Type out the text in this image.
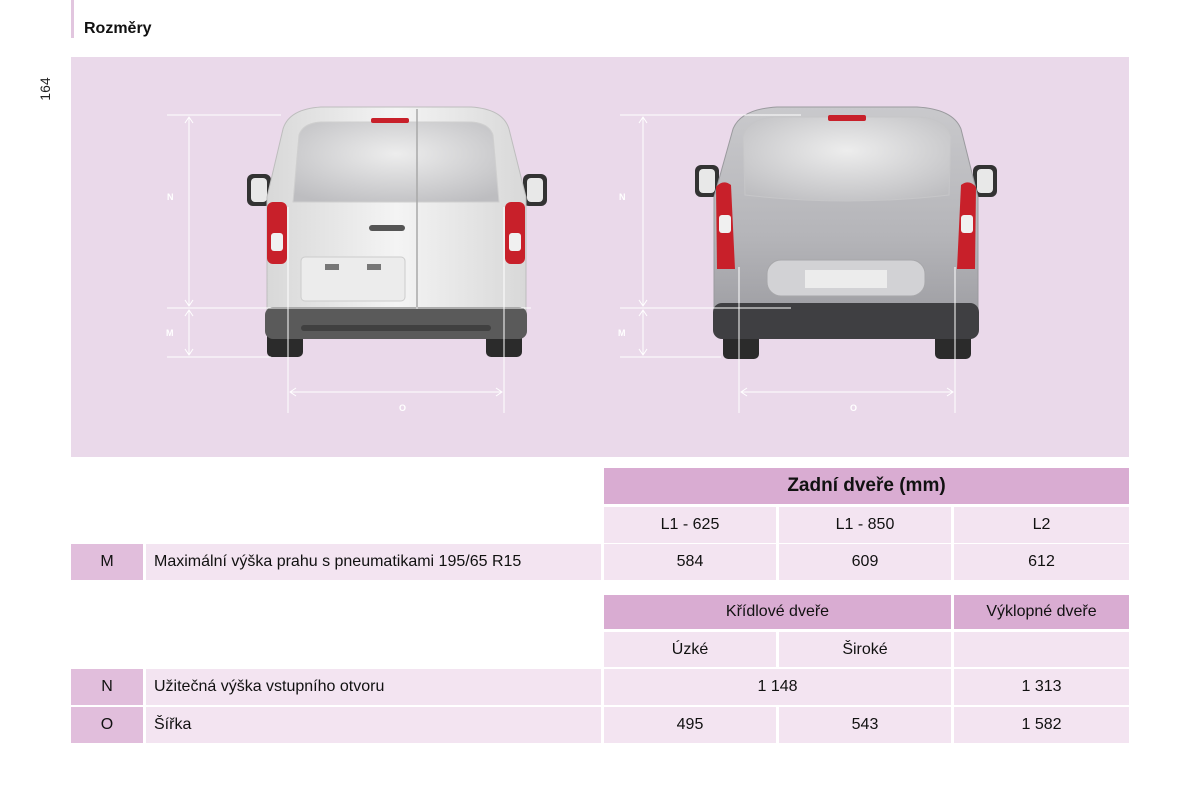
Rozměry
164
N
M
O
N
M
O
Zadní dveře (mm)
L1 - 625	L1 - 850	L2
M	Maximální výška prahu s pneumatikami 195/65 R15	584	609	612
Křídlové dveře	Výklopné dveře
Úzké	Široké
N	Užitečná výška vstupního otvoru	1 148	1 313
O	Šířka	495	543	1 582
